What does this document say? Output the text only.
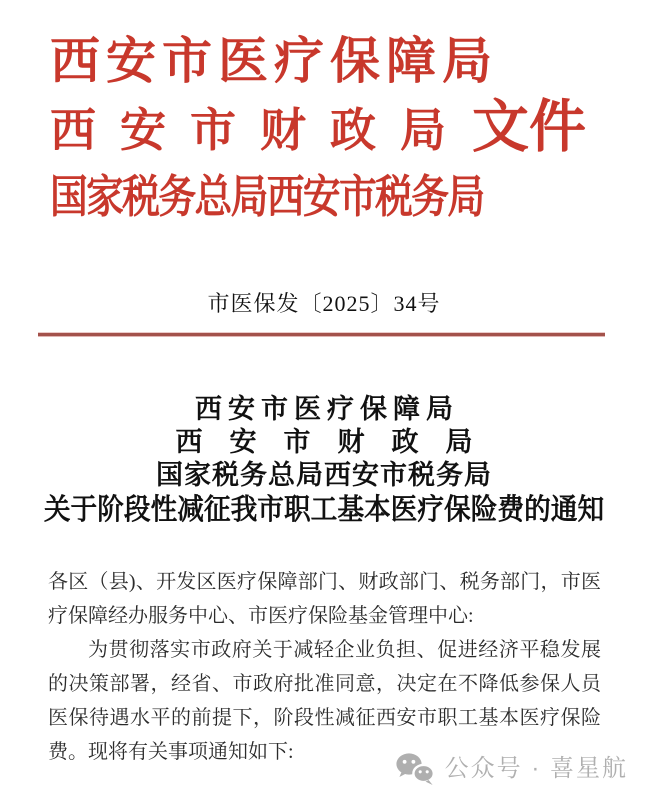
西安市医疗保障局
西安市财政局 文件
国家税务总局西安市税务局
市医保发〔2025〕34号
西安市医疗保障局
西安市财政局
国家税务总局西安市税务局
关于阶段性减征我市职工基本医疗保险费的通知
各区（县)、开发区医疗保障部门、财政部门、税务部门，市医
疗保障经办服务中心、市医疗保险基金管理中心:
为贯彻落实市政府关于减轻企业负担、促进经济平稳发展
的决策部署，经省、市政府批准同意，决定在不降低参保人员
医保待遇水平的前提下，阶段性减征西安市职工基本医疗保险
费。现将有关事项通知如下:
公众号 · 喜星航
